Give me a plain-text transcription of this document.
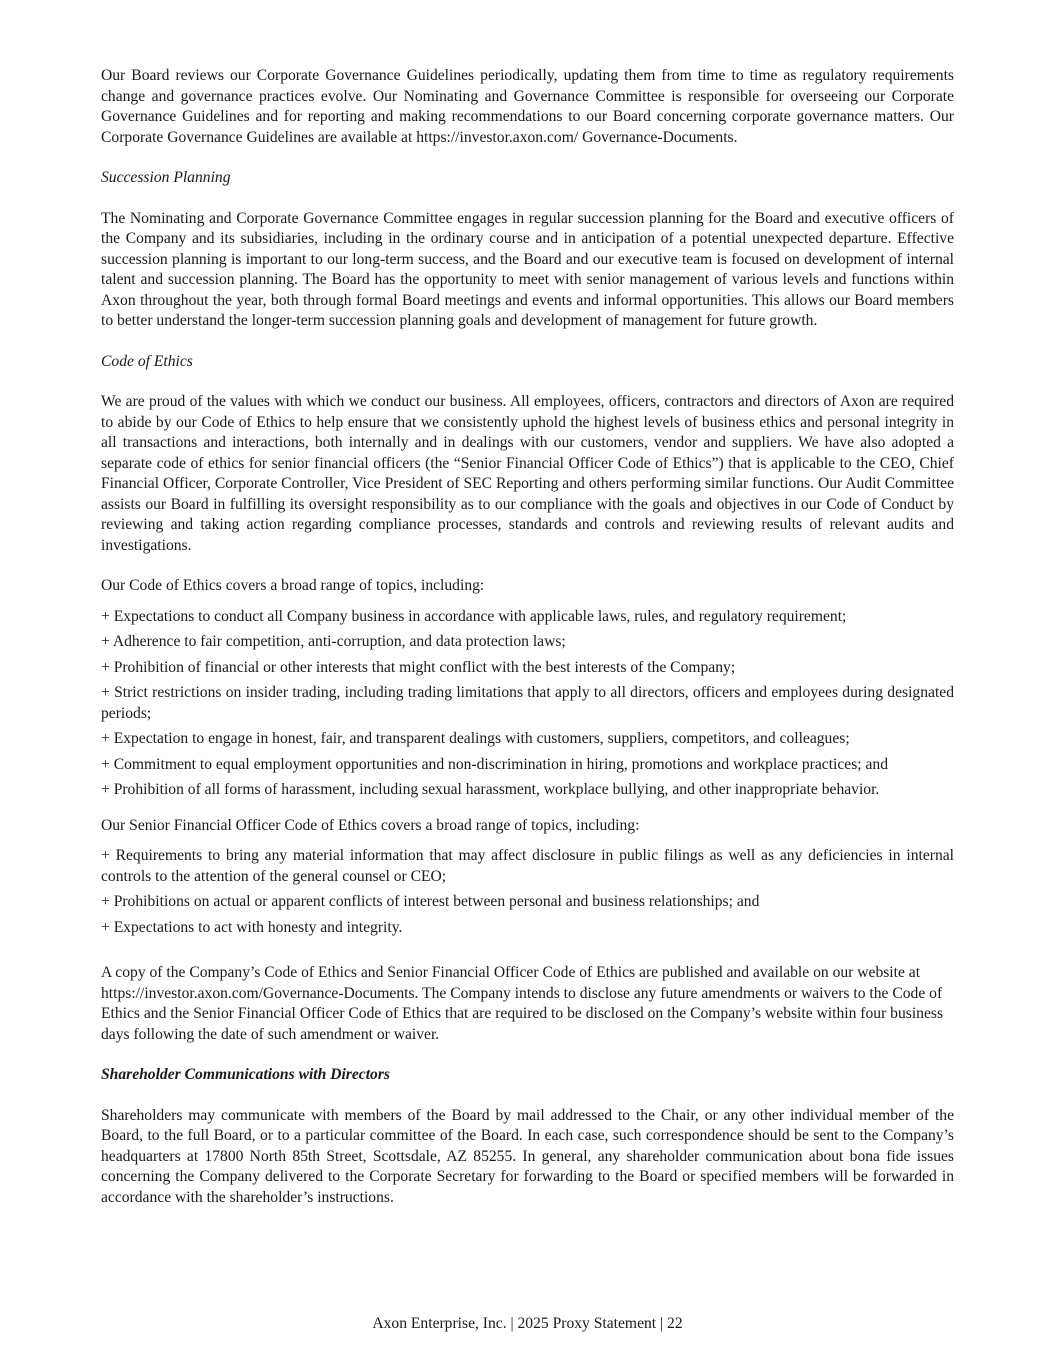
Our Board reviews our Corporate Governance Guidelines periodically, updating them from time to time as regulatory requirements change and governance practices evolve. Our Nominating and Governance Committee is responsible for overseeing our Corporate Governance Guidelines and for reporting and making recommendations to our Board concerning corporate governance matters. Our Corporate Governance Guidelines are available at https://investor.axon.com/ Governance-Documents.

Succession Planning

The Nominating and Corporate Governance Committee engages in regular succession planning for the Board and executive officers of the Company and its subsidiaries, including in the ordinary course and in anticipation of a potential unexpected departure. Effective succession planning is important to our long-term success, and the Board and our executive team is focused on development of internal talent and succession planning. The Board has the opportunity to meet with senior management of various levels and functions within Axon throughout the year, both through formal Board meetings and events and informal opportunities. This allows our Board members to better understand the longer-term succession planning goals and development of management for future growth.

Code of Ethics

We are proud of the values with which we conduct our business. All employees, officers, contractors and directors of Axon are required to abide by our Code of Ethics to help ensure that we consistently uphold the highest levels of business ethics and personal integrity in all transactions and interactions, both internally and in dealings with our customers, vendor and suppliers. We have also adopted a separate code of ethics for senior financial officers (the “Senior Financial Officer Code of Ethics”) that is applicable to the CEO, Chief Financial Officer, Corporate Controller, Vice President of SEC Reporting and others performing similar functions. Our Audit Committee assists our Board in fulfilling its oversight responsibility as to our compliance with the goals and objectives in our Code of Conduct by reviewing and taking action regarding compliance processes, standards and controls and reviewing results of relevant audits and investigations.

Our Code of Ethics covers a broad range of topics, including:

+ Expectations to conduct all Company business in accordance with applicable laws, rules, and regulatory requirement;
+ Adherence to fair competition, anti-corruption, and data protection laws;
+ Prohibition of financial or other interests that might conflict with the best interests of the Company;
+ Strict restrictions on insider trading, including trading limitations that apply to all directors, officers and employees during designated periods;
+ Expectation to engage in honest, fair, and transparent dealings with customers, suppliers, competitors, and colleagues;
+ Commitment to equal employment opportunities and non-discrimination in hiring, promotions and workplace practices; and
+ Prohibition of all forms of harassment, including sexual harassment, workplace bullying, and other inappropriate behavior.

Our Senior Financial Officer Code of Ethics covers a broad range of topics, including:

+ Requirements to bring any material information that may affect disclosure in public filings as well as any deficiencies in internal controls to the attention of the general counsel or CEO;
+ Prohibitions on actual or apparent conflicts of interest between personal and business relationships; and
+ Expectations to act with honesty and integrity.

A copy of the Company’s Code of Ethics and Senior Financial Officer Code of Ethics are published and available on our website at https://investor.axon.com/Governance-Documents. The Company intends to disclose any future amendments or waivers to the Code of Ethics and the Senior Financial Officer Code of Ethics that are required to be disclosed on the Company’s website within four business days following the date of such amendment or waiver.

Shareholder Communications with Directors

Shareholders may communicate with members of the Board by mail addressed to the Chair, or any other individual member of the Board, to the full Board, or to a particular committee of the Board. In each case, such correspondence should be sent to the Company’s headquarters at 17800 North 85th Street, Scottsdale, AZ 85255. In general, any shareholder communication about bona fide issues concerning the Company delivered to the Corporate Secretary for forwarding to the Board or specified members will be forwarded in accordance with the shareholder’s instructions.

Axon Enterprise, Inc. | 2025 Proxy Statement | 22
